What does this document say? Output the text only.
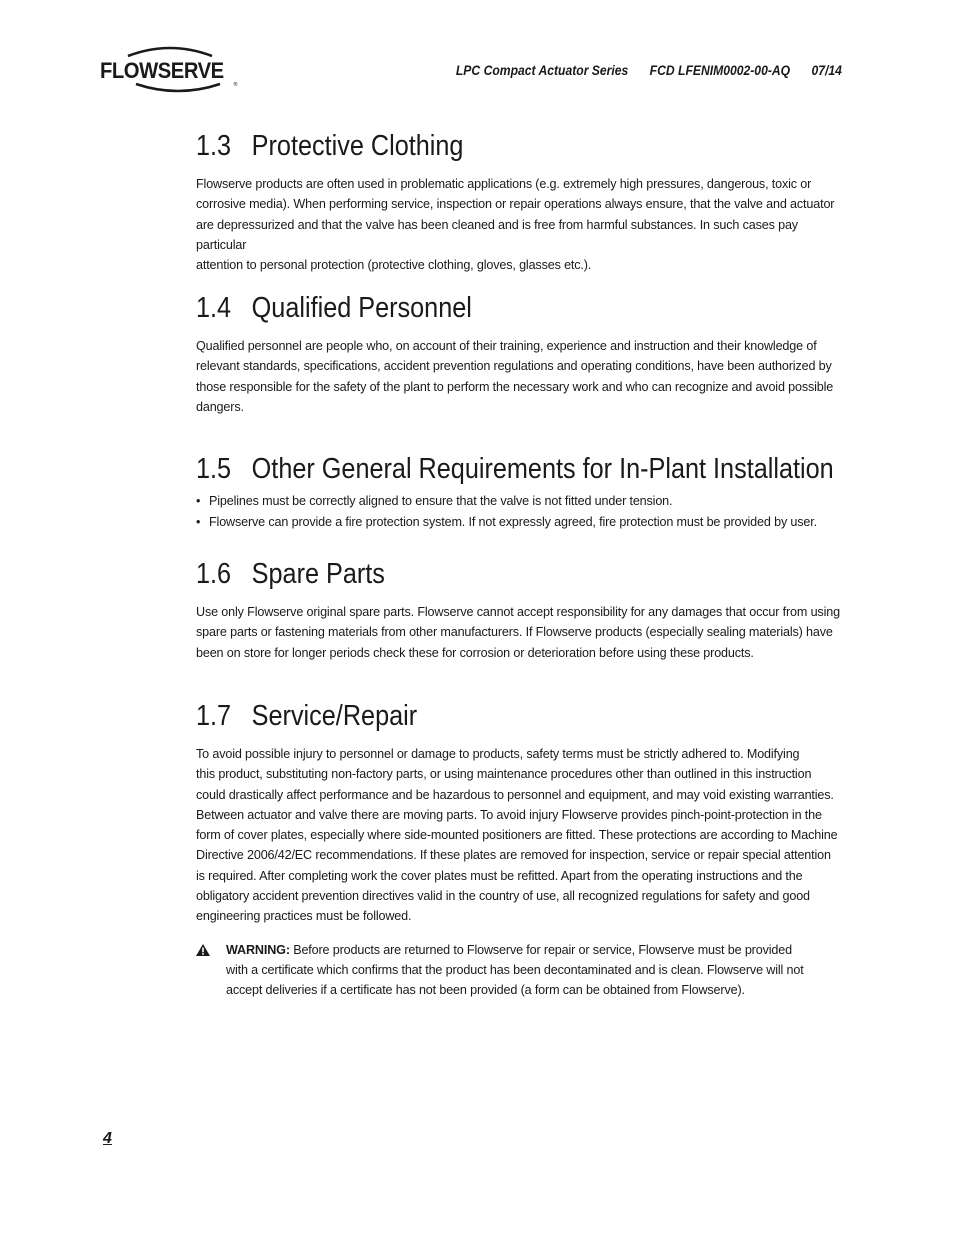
®
FLOWSERVE	LPC Compact Actuator Series FCD LFENIM0002-00-AQ 07/14
1.3 Protective Clothing

Flowserve products are often used in problematic applications (e.g. extremely high pressures, dangerous, toxic or

corrosive media). When performing service, inspection or repair operations always ensure, that the valve and actuator

are depressurized and that the valve has been cleaned and is free from harmful substances. In such cases pay particular

attention to personal protection (protective clothing, gloves, glasses etc.).

1.4 Qualified Personnel

Qualified personnel are people who, on account of their training, experience and instruction and their knowledge of

relevant standards, specifications, accident prevention regulations and operating conditions, have been authorized by

those responsible for the safety of the plant to perform the necessary work and who can recognize and avoid possible

dangers.

1.5 Other General Requirements for In-Plant Installation
• Pipelines must be correctly aligned to ensure that the valve is not fitted under tension.
• Flowserve can provide a fire protection system. If not expressly agreed, fire protection must be provided by user.
1.6 Spare Parts

Use only Flowserve original spare parts. Flowserve cannot accept responsibility for any damages that occur from using

spare parts or fastening materials from other manufacturers. If Flowserve products (especially sealing materials) have

been on store for longer periods check these for corrosion or deterioration before using these products.

1.7 Service/Repair

To avoid possible injury to personnel or damage to products, safety terms must be strictly adhered to. Modifying

this product, substituting non-factory parts, or using maintenance procedures other than outlined in this instruction

could drastically affect performance and be hazardous to personnel and equipment, and may void existing warranties.

Between actuator and valve there are moving parts. To avoid injury Flowserve provides pinch-point-protection in the

form of cover plates, especially where side-mounted positioners are fitted. These protections are according to Machine

Directive 2006/42/EC recommendations. If these plates are removed for inspection, service or repair special attention

is required. After completing work the cover plates must be refitted. Apart from the operating instructions and the

obligatory accident prevention directives valid in the country of use, all recognized regulations for safety and good

engineering practices must be followed.

WARNING: Before products are returned to Flowserve for repair or service, Flowserve must be provided

with a certificate which confirms that the product has been decontaminated and is clean. Flowserve will not

accept deliveries if a certificate has not been provided (a form can be obtained from Flowserve).

4
